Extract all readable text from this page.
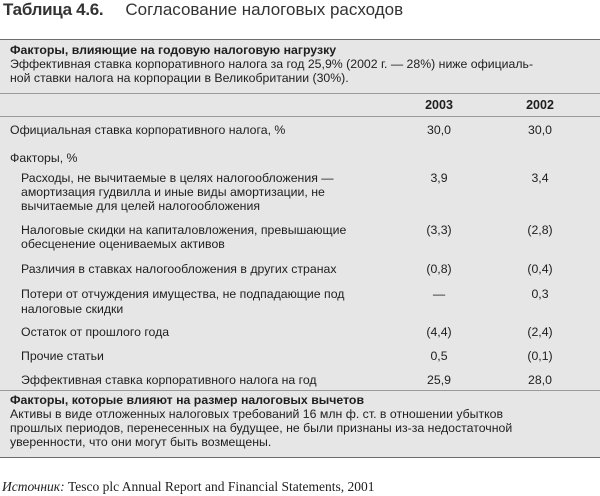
Таблица 4.6. Согласование налоговых расходов
Факторы, влияющие на годовую налоговую нагрузку
Эффективная ставка корпоративного налога за год 25,9% (2002 г. — 28%) ниже официаль-
ной ставки налога на корпорации в Великобритании (30%).
2003	2002
Официальная ставка корпоративного налога, %	30,0	30,0
Факторы, %
Расходы, не вычитаемые в целях налогообложения —
амортизация гудвилла и иные виды амортизации, не
вычитаемые для целей налогообложения
3,9	3,4
Налоговые скидки на капиталовложения, превышающие
обесценение оцениваемых активов
(3,3)	(2,8)
Различия в ставках налогообложения в других странах	(0,8)	(0,4)
Потери от отчуждения имущества, не подпадающие под
налоговые скидки
—	0,3
Остаток от прошлого года	(4,4)	(2,4)
Прочие статьи	0,5	(0,1)
Эффективная ставка корпоративного налога на год	25,9	28,0
Факторы, которые влияют на размер налоговых вычетов
Активы в виде отложенных налоговых требований 16 млн ф. ст. в отношении убытков
прошлых периодов, перенесенных на будущее, не были признаны из-за недостаточной
уверенности, что они могут быть возмещены.
Источник: Tesco plc Annual Report and Financial Statements, 2001
